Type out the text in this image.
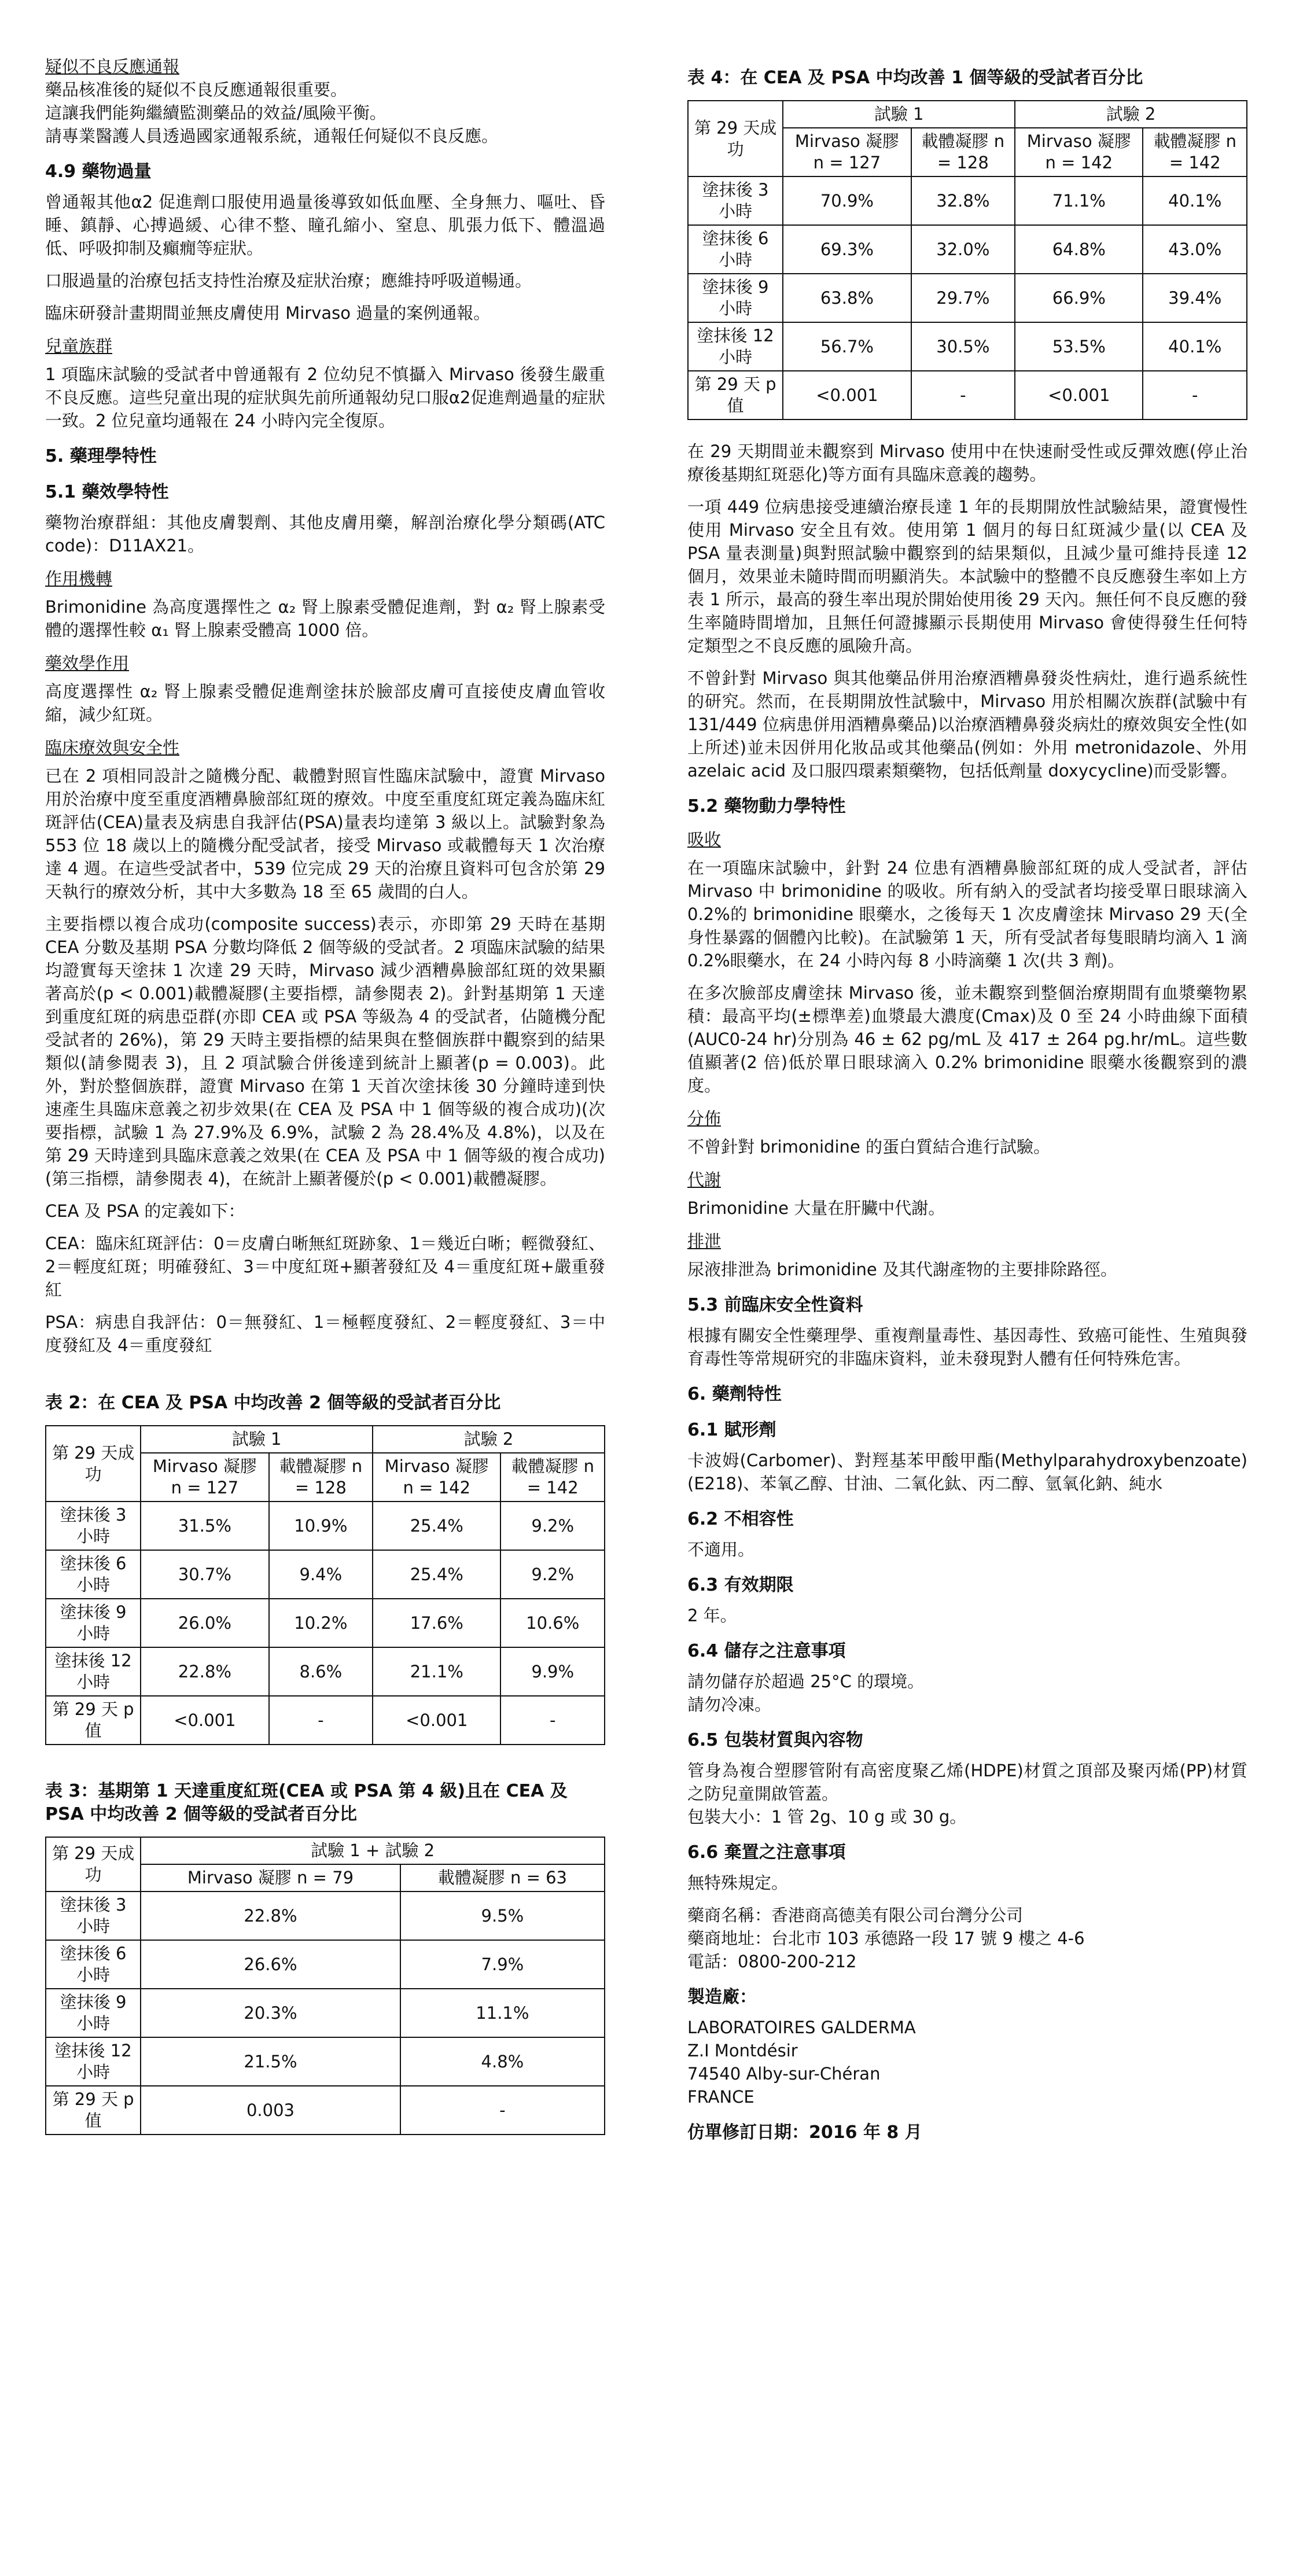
疑似不良反應通報

藥品核准後的疑似不良反應通報很重要。

這讓我們能夠繼續監測藥品的效益/風險平衡。

請專業醫護人員透過國家通報系統，通報任何疑似不良反應。

4.9 藥物過量

曾通報其他α2 促進劑口服使用過量後導致如低血壓、全身無力、嘔吐、昏睡、鎮靜、心搏過緩、心律不整、瞳孔縮小、窒息、肌張力低下、體溫過低、呼吸抑制及癲癇等症狀。

口服過量的治療包括支持性治療及症狀治療；應維持呼吸道暢通。

臨床研發計畫期間並無皮膚使用 Mirvaso 過量的案例通報。

兒童族群

1 項臨床試驗的受試者中曾通報有 2 位幼兒不慎攝入 Mirvaso 後發生嚴重不良反應。這些兒童出現的症狀與先前所通報幼兒口服α2促進劑過量的症狀一致。2 位兒童均通報在 24 小時內完全復原。

5. 藥理學特性
5.1 藥效學特性

藥物治療群組：其他皮膚製劑、其他皮膚用藥，解剖治療化學分類碼(ATC code)：D11AX21。

作用機轉

Brimonidine 為高度選擇性之 α₂ 腎上腺素受體促進劑，對 α₂ 腎上腺素受體的選擇性較 α₁ 腎上腺素受體高 1000 倍。

藥效學作用

高度選擇性 α₂ 腎上腺素受體促進劑塗抹於臉部皮膚可直接使皮膚血管收縮，減少紅斑。

臨床療效與安全性

已在 2 項相同設計之隨機分配、載體對照盲性臨床試驗中，證實 Mirvaso 用於治療中度至重度酒糟鼻臉部紅斑的療效。中度至重度紅斑定義為臨床紅斑評估(CEA)量表及病患自我評估(PSA)量表均達第 3 級以上。試驗對象為 553 位 18 歲以上的隨機分配受試者，接受 Mirvaso 或載體每天 1 次治療達 4 週。在這些受試者中，539 位完成 29 天的治療且資料可包含於第 29 天執行的療效分析，其中大多數為 18 至 65 歲間的白人。

主要指標以複合成功(composite success)表示，亦即第 29 天時在基期 CEA 分數及基期 PSA 分數均降低 2 個等級的受試者。2 項臨床試驗的結果均證實每天塗抹 1 次達 29 天時，Mirvaso 減少酒糟鼻臉部紅斑的效果顯著高於(p < 0.001)載體凝膠(主要指標，請參閱表 2)。針對基期第 1 天達到重度紅斑的病患亞群(亦即 CEA 或 PSA 等級為 4 的受試者，佔隨機分配受試者的 26%)，第 29 天時主要指標的結果與在整個族群中觀察到的結果類似(請參閱表 3)，且 2 項試驗合併後達到統計上顯著(p = 0.003)。此外，對於整個族群，證實 Mirvaso 在第 1 天首次塗抹後 30 分鐘時達到快速產生具臨床意義之初步效果(在 CEA 及 PSA 中 1 個等級的複合成功)(次要指標，試驗 1 為 27.9%及 6.9%，試驗 2 為 28.4%及 4.8%)，以及在第 29 天時達到具臨床意義之效果(在 CEA 及 PSA 中 1 個等級的複合成功)(第三指標，請參閱表 4)，在統計上顯著優於(p < 0.001)載體凝膠。

CEA 及 PSA 的定義如下：

CEA：臨床紅斑評估：0＝皮膚白晰無紅斑跡象、1＝幾近白晰；輕微發紅、2＝輕度紅斑；明確發紅、3＝中度紅斑+顯著發紅及 4＝重度紅斑+嚴重發紅

PSA：病患自我評估：0＝無發紅、1＝極輕度發紅、2＝輕度發紅、3＝中度發紅及 4＝重度發紅

表 2：在 CEA 及 PSA 中均改善 2 個等級的受試者百分比
第 29 天成功	試驗 1		試驗 2	
	Mirvaso 凝膠 n = 127	載體凝膠 n = 128	Mirvaso 凝膠 n = 142	載體凝膠 n = 142
塗抹後 3 小時	31.5%	10.9%	25.4%	9.2%
塗抹後 6 小時	30.7%	9.4%	25.4%	9.2%
塗抹後 9 小時	26.0%	10.2%	17.6%	10.6%
塗抹後 12 小時	22.8%	8.6%	21.1%	9.9%
第 29 天 p 值	<0.001	-	<0.001	-
表 3：基期第 1 天達重度紅斑(CEA 或 PSA 第 4 級)且在 CEA 及 PSA 中均改善 2 個等級的受試者百分比
第 29 天成功	試驗 1 + 試驗 2	
	Mirvaso 凝膠 n = 79	載體凝膠 n = 63
塗抹後 3 小時	22.8%	9.5%
塗抹後 6 小時	26.6%	7.9%
塗抹後 9 小時	20.3%	11.1%
塗抹後 12 小時	21.5%	4.8%
第 29 天 p 值	0.003	-
表 4：在 CEA 及 PSA 中均改善 1 個等級的受試者百分比
第 29 天成功	試驗 1		試驗 2	
	Mirvaso 凝膠 n = 127	載體凝膠 n = 128	Mirvaso 凝膠 n = 142	載體凝膠 n = 142
塗抹後 3 小時	70.9%	32.8%	71.1%	40.1%
塗抹後 6 小時	69.3%	32.0%	64.8%	43.0%
塗抹後 9 小時	63.8%	29.7%	66.9%	39.4%
塗抹後 12 小時	56.7%	30.5%	53.5%	40.1%
第 29 天 p 值	<0.001	-	<0.001	-

在 29 天期間並未觀察到 Mirvaso 使用中在快速耐受性或反彈效應(停止治療後基期紅斑惡化)等方面有具臨床意義的趨勢。

一項 449 位病患接受連續治療長達 1 年的長期開放性試驗結果，證實慢性使用 Mirvaso 安全且有效。使用第 1 個月的每日紅斑減少量(以 CEA 及 PSA 量表測量)與對照試驗中觀察到的結果類似，且減少量可維持長達 12 個月，效果並未隨時間而明顯消失。本試驗中的整體不良反應發生率如上方表 1 所示，最高的發生率出現於開始使用後 29 天內。無任何不良反應的發生率隨時間增加，且無任何證據顯示長期使用 Mirvaso 會使得發生任何特定類型之不良反應的風險升高。

不曾針對 Mirvaso 與其他藥品併用治療酒糟鼻發炎性病灶，進行過系統性的研究。然而，在長期開放性試驗中，Mirvaso 用於相關次族群(試驗中有 131/449 位病患併用酒糟鼻藥品)以治療酒糟鼻發炎病灶的療效與安全性(如上所述)並未因併用化妝品或其他藥品(例如：外用 metronidazole、外用 azelaic acid 及口服四環素類藥物，包括低劑量 doxycycline)而受影響。

5.2 藥物動力學特性
吸收

在一項臨床試驗中，針對 24 位患有酒糟鼻臉部紅斑的成人受試者，評估 Mirvaso 中 brimonidine 的吸收。所有納入的受試者均接受單日眼球滴入 0.2%的 brimonidine 眼藥水，之後每天 1 次皮膚塗抹 Mirvaso 29 天(全身性暴露的個體內比較)。在試驗第 1 天，所有受試者每隻眼睛均滴入 1 滴 0.2%眼藥水，在 24 小時內每 8 小時滴藥 1 次(共 3 劑)。

在多次臉部皮膚塗抹 Mirvaso 後，並未觀察到整個治療期間有血漿藥物累積：最高平均(±標準差)血漿最大濃度(Cmax)及 0 至 24 小時曲線下面積(AUC0-24 hr)分別為 46 ± 62 pg/mL 及 417 ± 264 pg.hr/mL。這些數值顯著(2 倍)低於單日眼球滴入 0.2% brimonidine 眼藥水後觀察到的濃度。

分佈

不曾針對 brimonidine 的蛋白質結合進行試驗。

代謝

Brimonidine 大量在肝臟中代謝。

排泄

尿液排泄為 brimonidine 及其代謝產物的主要排除路徑。

5.3 前臨床安全性資料

根據有關安全性藥理學、重複劑量毒性、基因毒性、致癌可能性、生殖與發育毒性等常規研究的非臨床資料，並未發現對人體有任何特殊危害。

6. 藥劑特性
6.1 賦形劑

卡波姆(Carbomer)、對羥基苯甲酸甲酯(Methylparahydroxybenzoate)(E218)、苯氧乙醇、甘油、二氧化鈦、丙二醇、氫氧化鈉、純水

6.2 不相容性

不適用。

6.3 有效期限

2 年。

6.4 儲存之注意事項

請勿儲存於超過 25°C 的環境。

請勿冷凍。

6.5 包裝材質與內容物

管身為複合塑膠管附有高密度聚乙烯(HDPE)材質之頂部及聚丙烯(PP)材質之防兒童開啟管蓋。

包裝大小：1 管 2g、10 g 或 30 g。

6.6 棄置之注意事項

無特殊規定。

藥商名稱：香港商高德美有限公司台灣分公司

藥商地址：台北市 103 承德路一段 17 號 9 樓之 4-6

電話：0800-200-212

製造廠：

LABORATOIRES GALDERMA

Z.I Montdésir

74540 Alby-sur-Chéran

FRANCE

仿單修訂日期：2016 年 8 月
